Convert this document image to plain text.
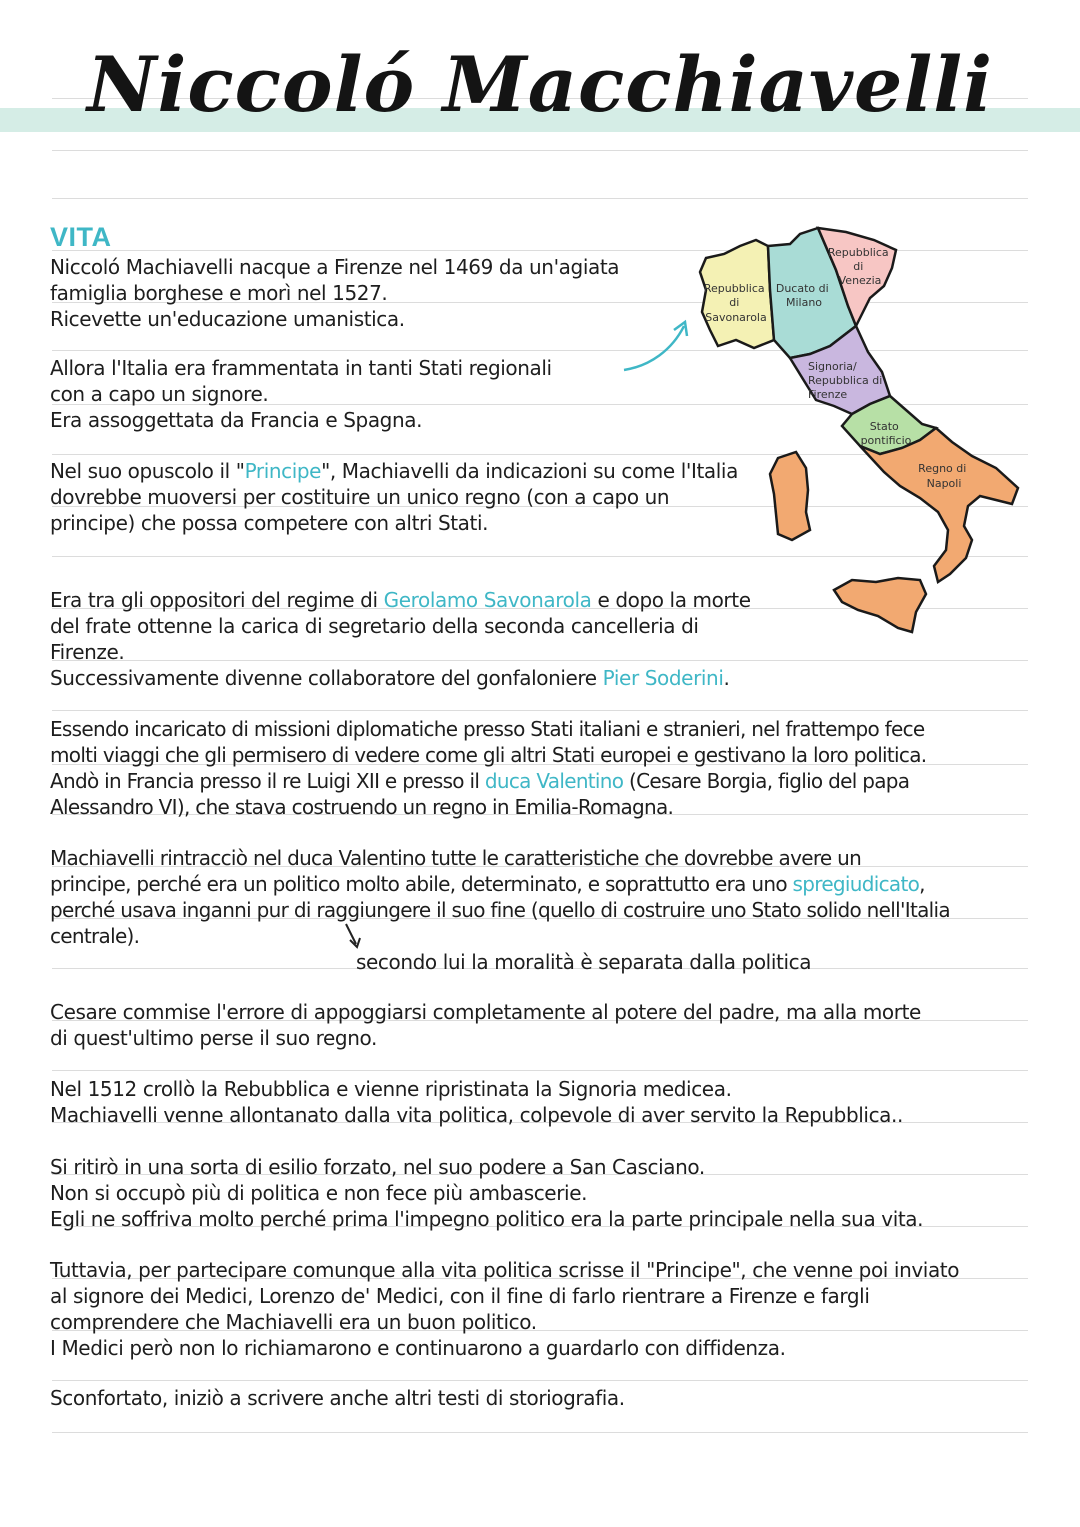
Niccoló Macchiavelli
VITA
Niccoló Machiavelli nacque a Firenze nel 1469 da un'agiata
famiglia borghese e morì nel 1527.
Ricevette un'educazione umanistica.
Allora l'Italia era frammentata in tanti Stati regionali
con a capo un signore.
Era assoggettata da Francia e Spagna.
Nel suo opuscolo il "Principe", Machiavelli da indicazioni su come l'Italia
dovrebbe muoversi per costituire un unico regno (con a capo un
principe) che possa competere con altri Stati.
Era tra gli oppositori del regime di Gerolamo Savonarola e dopo la morte
del frate ottenne la carica di segretario della seconda cancelleria di
Firenze.
Successivamente divenne collaboratore del gonfaloniere Pier Soderini.
Essendo incaricato di missioni diplomatiche presso Stati italiani e stranieri, nel frattempo fece
molti viaggi che gli permisero di vedere come gli altri Stati europei e gestivano la loro politica.
Andò in Francia presso il re Luigi XII e presso il duca Valentino (Cesare Borgia, figlio del papa
Alessandro VI), che stava costruendo un regno in Emilia-Romagna.
Machiavelli rintracciò nel duca Valentino tutte le caratteristiche che dovrebbe avere un
principe, perché era un politico molto abile, determinato, e soprattutto era uno spregiudicato,
perché usava inganni pur di raggiungere il suo fine (quello di costruire uno Stato solido nell'Italia
centrale).
secondo lui la moralità è separata dalla politica
Cesare commise l'errore di appoggiarsi completamente al potere del padre, ma alla morte
di quest'ultimo perse il suo regno.
Nel 1512 crollò la Rebubblica e vienne ripristinata la Signoria medicea.
Machiavelli venne allontanato dalla vita politica, colpevole di aver servito la Repubblica..
Si ritirò in una sorta di esilio forzato, nel suo podere a San Casciano.
Non si occupò più di politica e non fece più ambascerie.
Egli ne soffriva molto perché prima l'impegno politico era la parte principale nella sua vita.
Tuttavia, per partecipare comunque alla vita politica scrisse il "Principe", che venne poi inviato
al signore dei Medici, Lorenzo de' Medici, con il fine di farlo rientrare a Firenze e fargli
comprendere che Machiavelli era un buon politico.
I Medici però non lo richiamarono e continuarono a guardarlo con diffidenza.
Sconfortato, iniziò a scrivere anche altri testi di storiografia.
Repubblica di Savonarola
Ducato di Milano
Repubblica di Venezia
Signoria/ Repubblica di Firenze
Stato pontificio
Regno di Napoli
